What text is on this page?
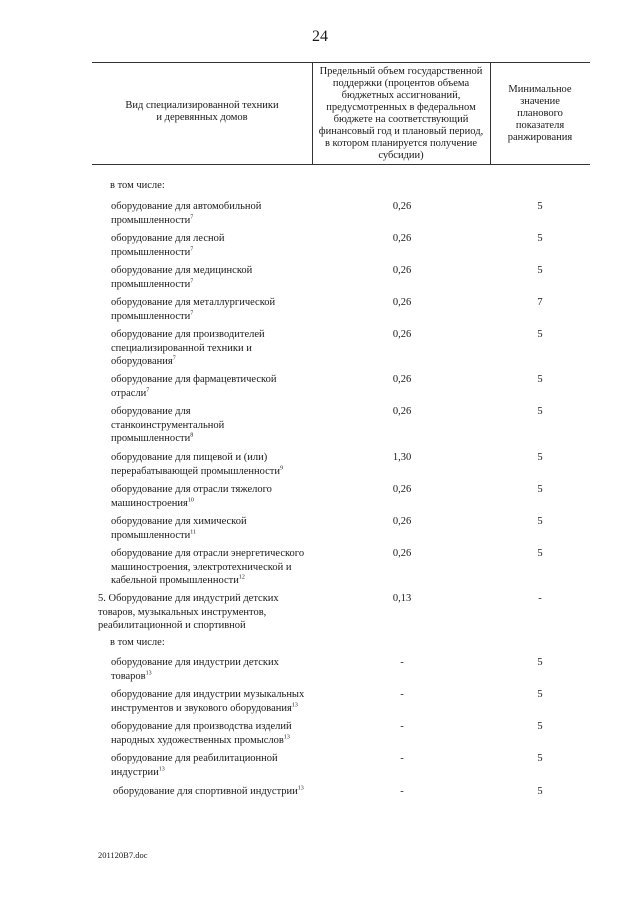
24
Вид специализированной техники
и деревянных домов
Предельный объем государственной
поддержки (процентов объема
бюджетных ассигнований,
предусмотренных в федеральном
бюджете на соответствующий
финансовый год и плановый период,
в котором планируется получение
субсидии)
Минимальное
значение
планового
показателя
ранжирования
в том числе:
оборудование для автомобильной
промышленности$^7$
0,26	5
оборудование для лесной
промышленности$^7$
0,26	5
оборудование для медицинской
промышленности$^7$
0,26	5
оборудование для металлургической
промышленности$^7$
0,26	7
оборудование для производителей
специализированной техники и
оборудования$^7$
0,26	5
оборудование для фармацевтической
отрасли$^7$
0,26	5
оборудование для
станкоинструментальной
промышленности$^8$
0,26	5
оборудование для пищевой и (или)
перерабатывающей промышленности$^9$
1,30	5
оборудование для отрасли тяжелого
машиностроения$^{10}$
0,26	5
оборудование для химической
промышленности$^{11}$
0,26	5
оборудование для отрасли энергетического
машиностроения, электротехнической и
кабельной промышленности$^{12}$
0,26	5
5. Оборудование для индустрий детских
товаров, музыкальных инструментов,
реабилитационной и спортивной
0,13	-
в том числе:
оборудование для индустрии детских
товаров$^{13}$
-	5
оборудование для индустрии музыкальных
инструментов и звукового оборудования$^{13}$
-	5
оборудование для производства изделий
народных художественных промыслов$^{13}$
-	5
оборудование для реабилитационной
индустрии$^{13}$
-	5
оборудование для спортивной индустрии$^{13}$	-	5
201120В7.doc
